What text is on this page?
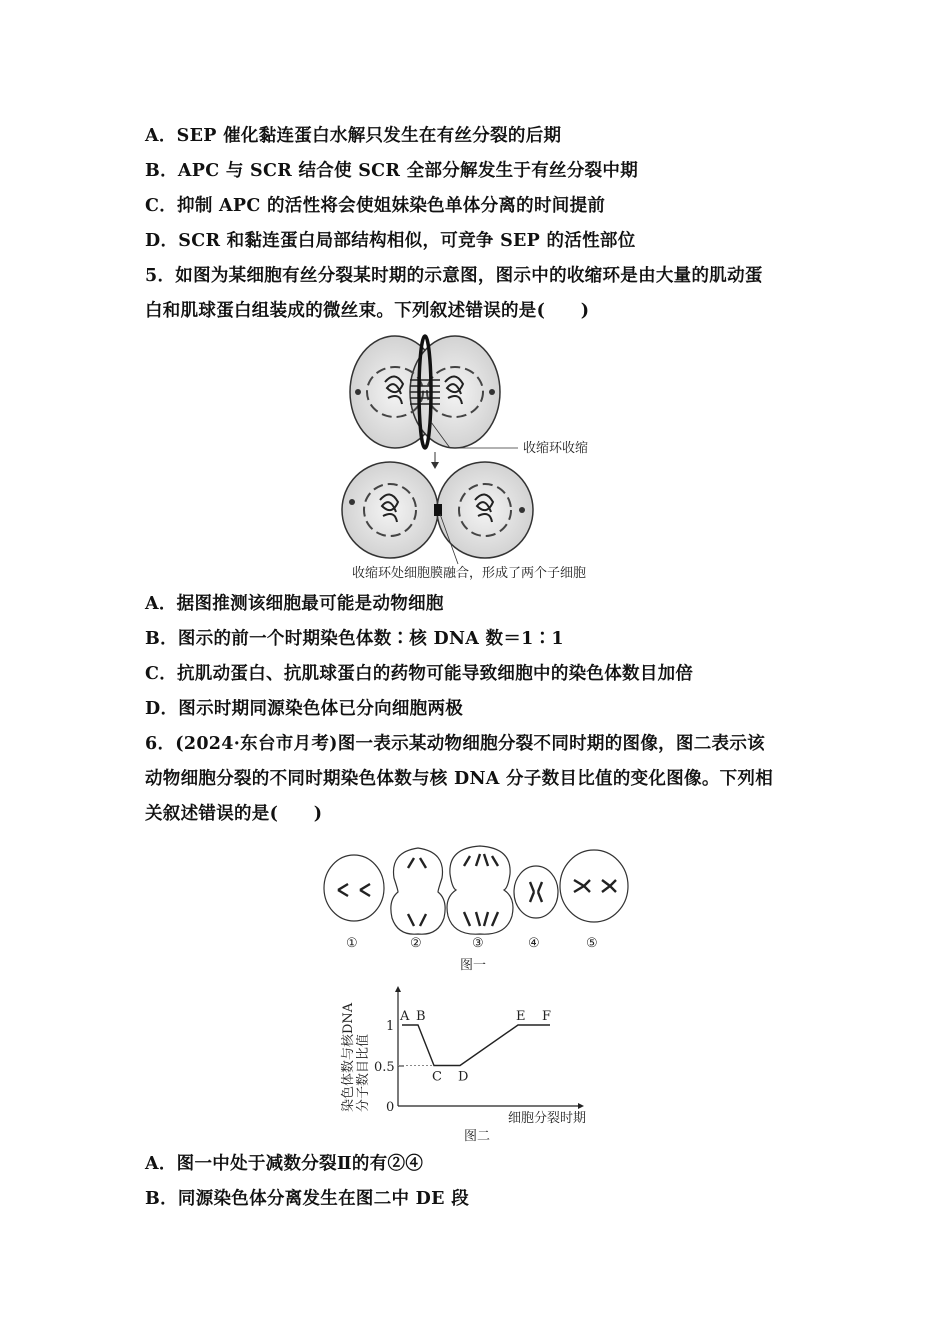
A．SEP 催化黏连蛋白水解只发生在有丝分裂的后期
B．APC 与 SCR 结合使 SCR 全部分解发生于有丝分裂中期
C．抑制 APC 的活性将会使姐妹染色单体分离的时间提前
D．SCR 和黏连蛋白局部结构相似，可竞争 SEP 的活性部位
5．如图为某细胞有丝分裂某时期的示意图，图示中的收缩环是由大量的肌动蛋
白和肌球蛋白组装成的微丝束。下列叙述错误的是(　　)
收缩环收缩
收缩环处细胞膜融合，形成了两个子细胞
A．据图推测该细胞最可能是动物细胞
B．图示的前一个时期染色体数∶核 DNA 数＝1∶1
C．抗肌动蛋白、抗肌球蛋白的药物可能导致细胞中的染色体数目加倍
D．图示时期同源染色体已分向细胞两极
6．(2024·东台市月考)图一表示某动物细胞分裂不同时期的图像，图二表示该
动物细胞分裂的不同时期染色体数与核 DNA 分子数目比值的变化图像。下列相
关叙述错误的是(　　)
①	②	③	④	⑤
图一
染色体数与核DNA 分子数目比值 0
0.5
1
A B
C D
E F
细胞分裂时期
图二
A．图一中处于减数分裂Ⅱ的有②④
B．同源染色体分离发生在图二中 DE 段
